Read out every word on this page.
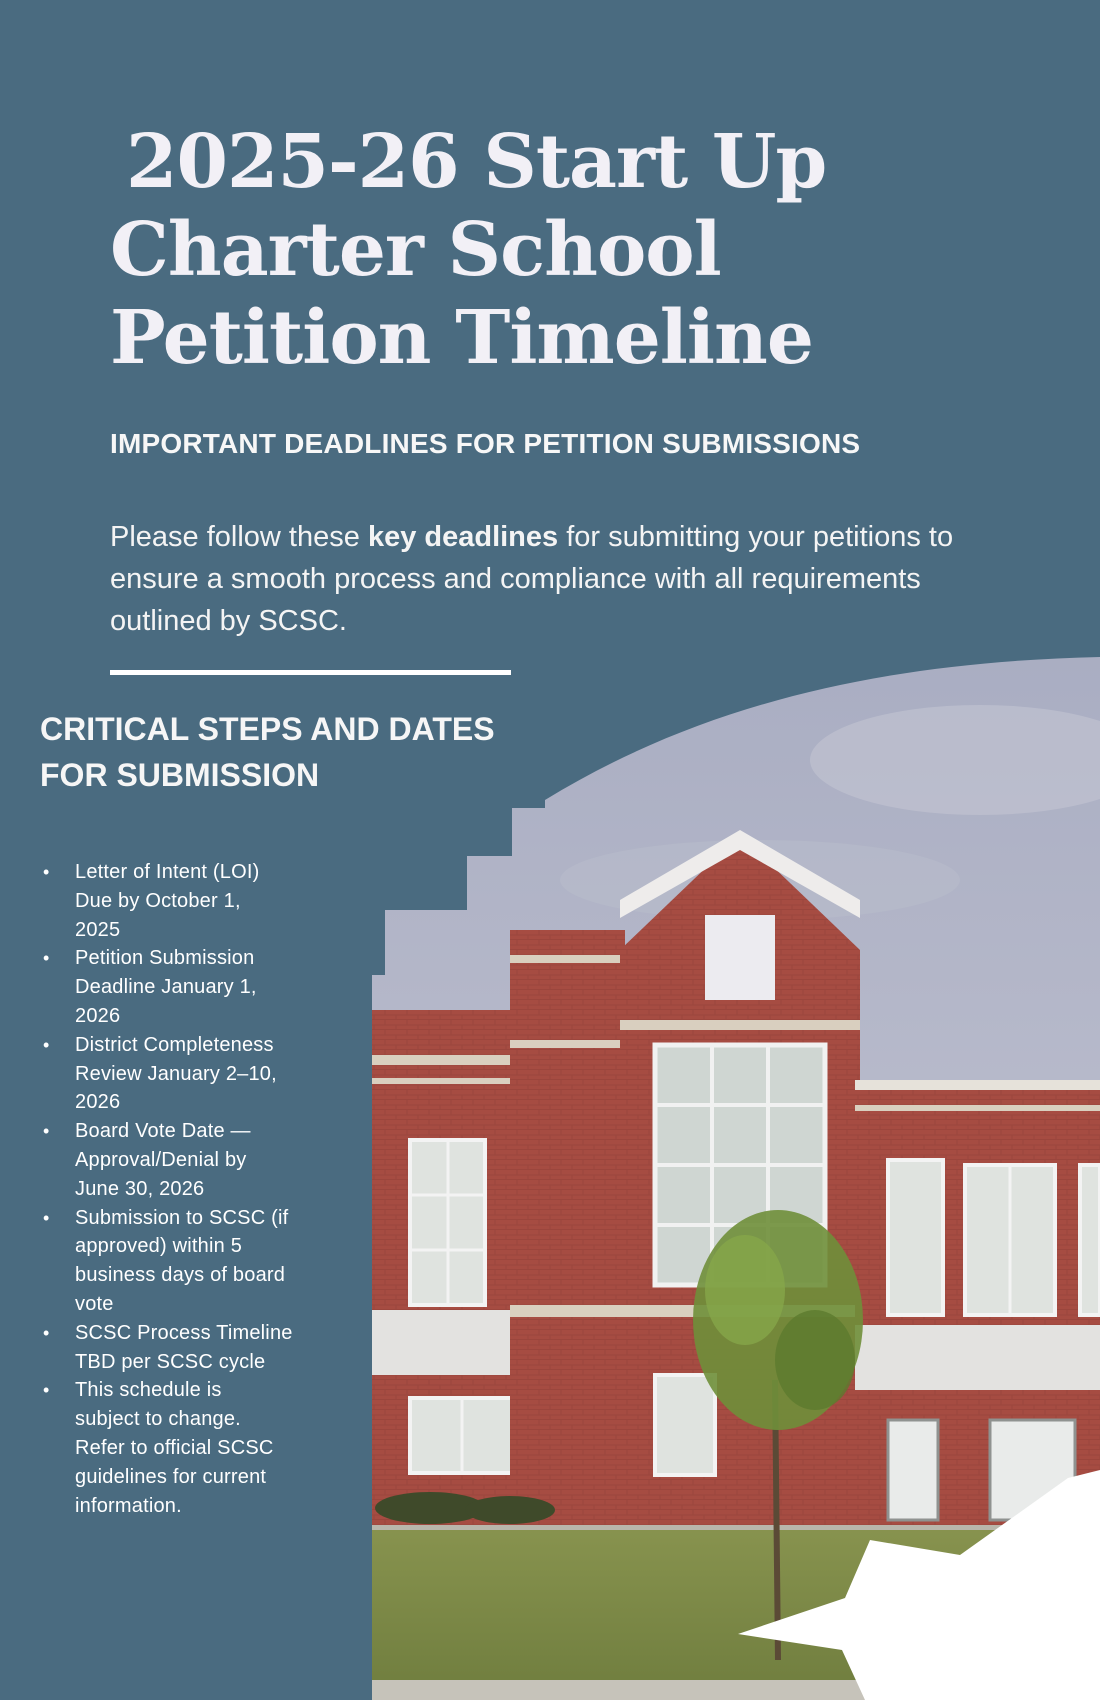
2025-26 Start Up
Charter School
Petition Timeline
IMPORTANT DEADLINES FOR PETITION SUBMISSIONS

Please follow these key deadlines for submitting your petitions to ensure a smooth process and compliance with all requirements outlined by SCSC.

CRITICAL STEPS AND DATES
FOR SUBMISSION
• Letter of Intent (LOI)
Due by October 1,
2025
• Petition Submission
Deadline January 1,
2026
• District Completeness
Review January 2–10,
2026
• Board Vote Date —
Approval/Denial by
June 30, 2026
• Submission to SCSC (if
approved) within 5
business days of board
vote
• SCSC Process Timeline
TBD per SCSC cycle
• This schedule is
subject to change.
Refer to official SCSC
guidelines for current
information.
